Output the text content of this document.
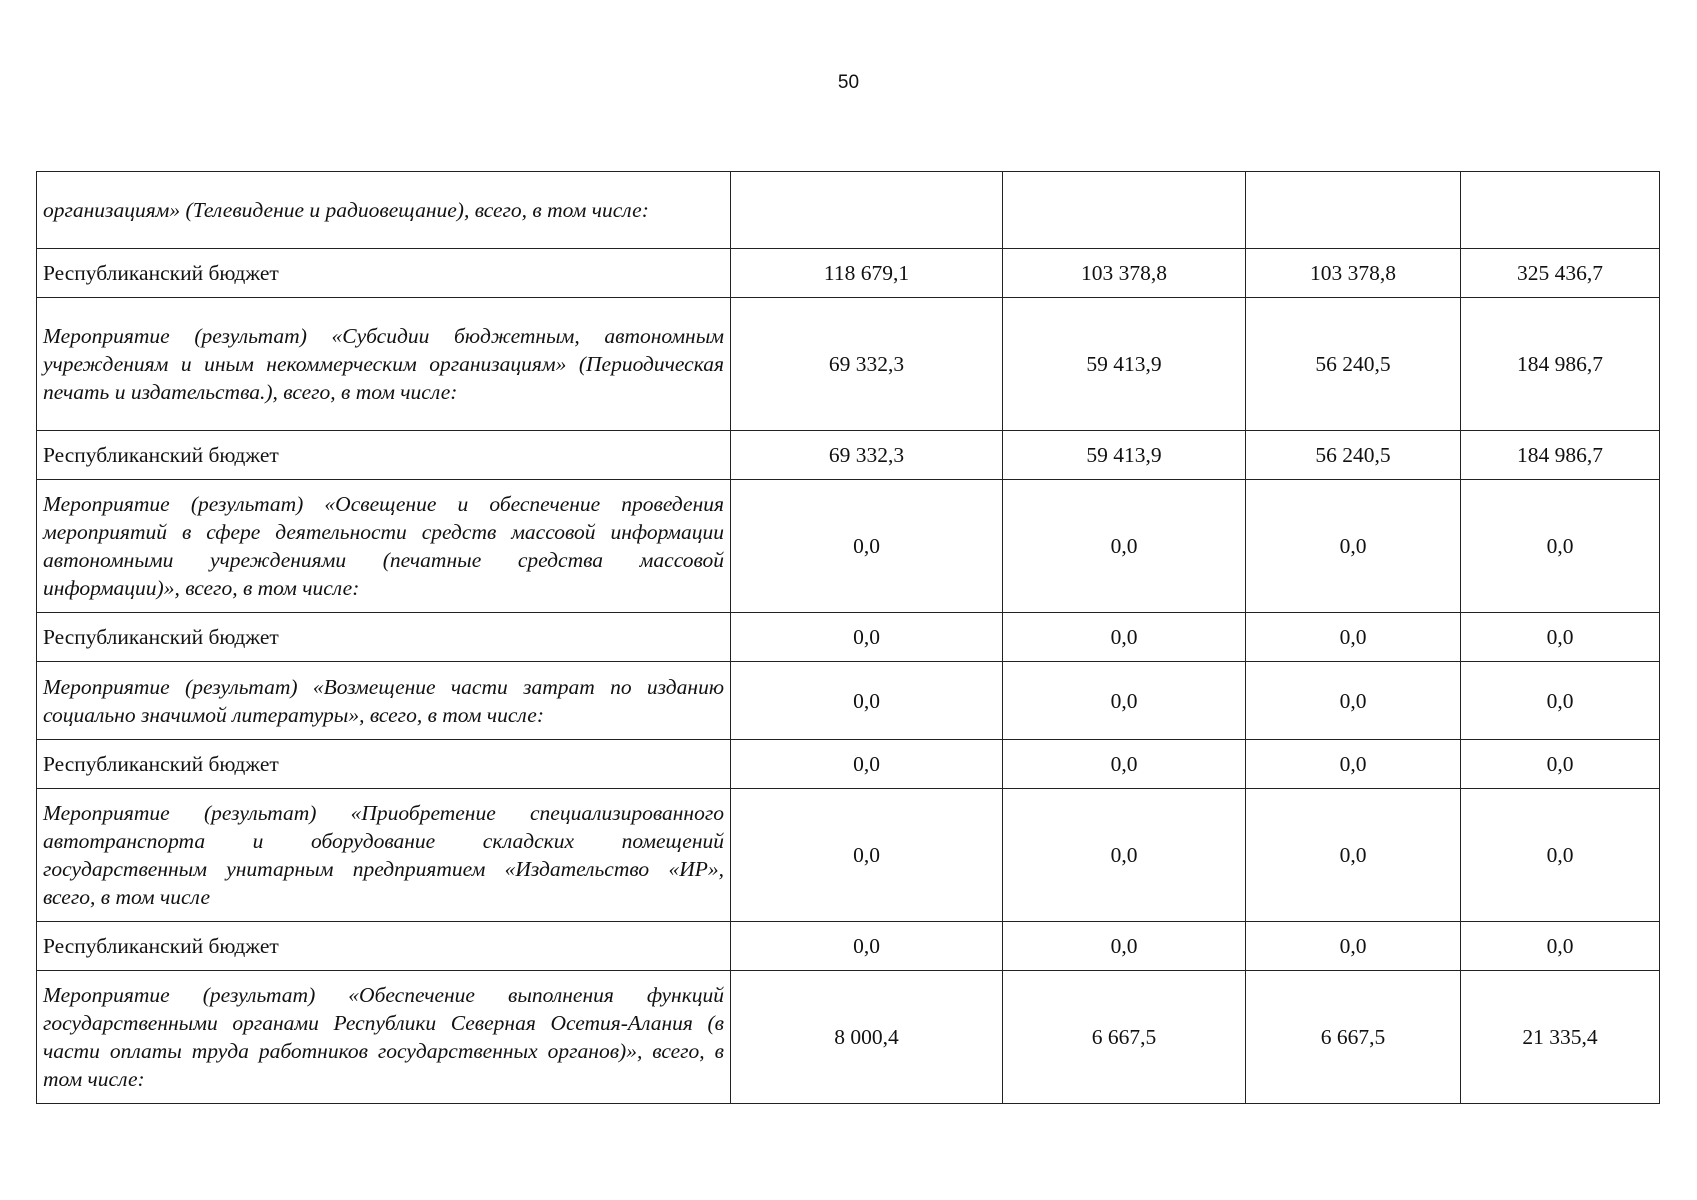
50
организациям» (Телевидение и радиовещание), всего, в том числе:				
Республиканский бюджет	118 679,1	103 378,8	103 378,8	325 436,7
Мероприятие (результат) «Субсидии бюджетным, автономным учреждениям и иным некоммерческим организациям» (Периодическая печать и издательства.), всего, в том числе:	69 332,3	59 413,9	56 240,5	184 986,7
Республиканский бюджет	69 332,3	59 413,9	56 240,5	184 986,7
Мероприятие (результат) «Освещение и обеспечение проведения мероприятий в сфере деятельности средств массовой информации автономными учреждениями (печатные средства массовой информации)», всего, в том числе:	0,0	0,0	0,0	0,0
Республиканский бюджет	0,0	0,0	0,0	0,0
Мероприятие (результат) «Возмещение части затрат по изданию социально значимой литературы», всего, в том числе:	0,0	0,0	0,0	0,0
Республиканский бюджет	0,0	0,0	0,0	0,0
Мероприятие (результат) «Приобретение специализированного автотранспорта и оборудование складских помещений государственным унитарным предприятием «Издательство «ИР», всего, в том числе	0,0	0,0	0,0	0,0
Республиканский бюджет	0,0	0,0	0,0	0,0
Мероприятие (результат) «Обеспечение выполнения функций государственными органами Республики Северная Осетия-Алания (в части оплаты труда работников государственных органов)», всего, в том числе:	8 000,4	6 667,5	6 667,5	21 335,4
